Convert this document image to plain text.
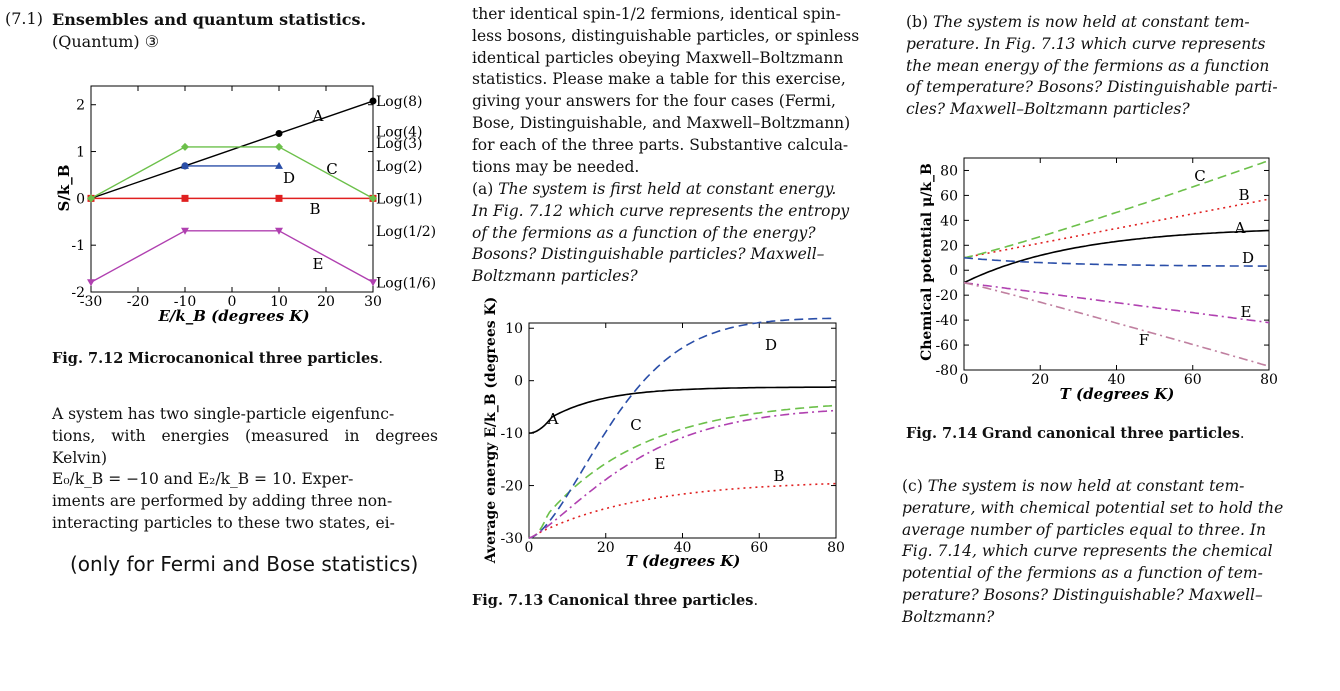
(7.1) Ensembles and quantum statistics. (Quantum) ③
-30 -20 -10 0 10 20 30
-2
-1
0
1
2
A
B
C
D
E
Log(8)
Log(4)
Log(3)
Log(2)
Log(1)
Log(1/2)
Log(1/6)
E/k_B (degrees K)
S/k_B
Fig. 7.12 Microcanonical three particles.
A system has two single-particle eigenfunc-
tions, with energies (measured in degrees Kelvin)
E₀/k_B = −10 and E₂/k_B = 10. Exper-
iments are performed by adding three non-
interacting particles to these two states, ei-
(only for Fermi and Bose statistics)
ther identical spin-1/2 fermions, identical spin-
less bosons, distinguishable particles, or spinless
identical particles obeying Maxwell–Boltzmann
statistics. Please make a table for this exercise,
giving your answers for the four cases (Fermi,
Bose, Distinguishable, and Maxwell–Boltzmann)
for each of the three parts. Substantive calcula-
tions may be needed.
(a) The system is first held at constant energy.
In Fig. 7.12 which curve represents the entropy
of the fermions as a function of the energy?
Bosons? Distinguishable particles? Maxwell–
Boltzmann particles?
0	20	40	60	80
-30
-20
-10
0
10
A
B
C
D
E
T (degrees K)
Average energy E/k_B (degrees K)
Fig. 7.13 Canonical three particles.
(b) The system is now held at constant tem-
perature. In Fig. 7.13 which curve represents
the mean energy of the fermions as a function
of temperature? Bosons? Distinguishable parti-
cles? Maxwell–Boltzmann particles?
0	20	40	60	80
-80
-60
-40
-20
0
20
40
60
80
A
B
C
D
E
F
T (degrees K)
Chemical potential μ/k_B
Fig. 7.14 Grand canonical three particles.
(c) The system is now held at constant tem-
perature, with chemical potential set to hold the
average number of particles equal to three. In
Fig. 7.14, which curve represents the chemical
potential of the fermions as a function of tem-
perature? Bosons? Distinguishable? Maxwell–
Boltzmann?
